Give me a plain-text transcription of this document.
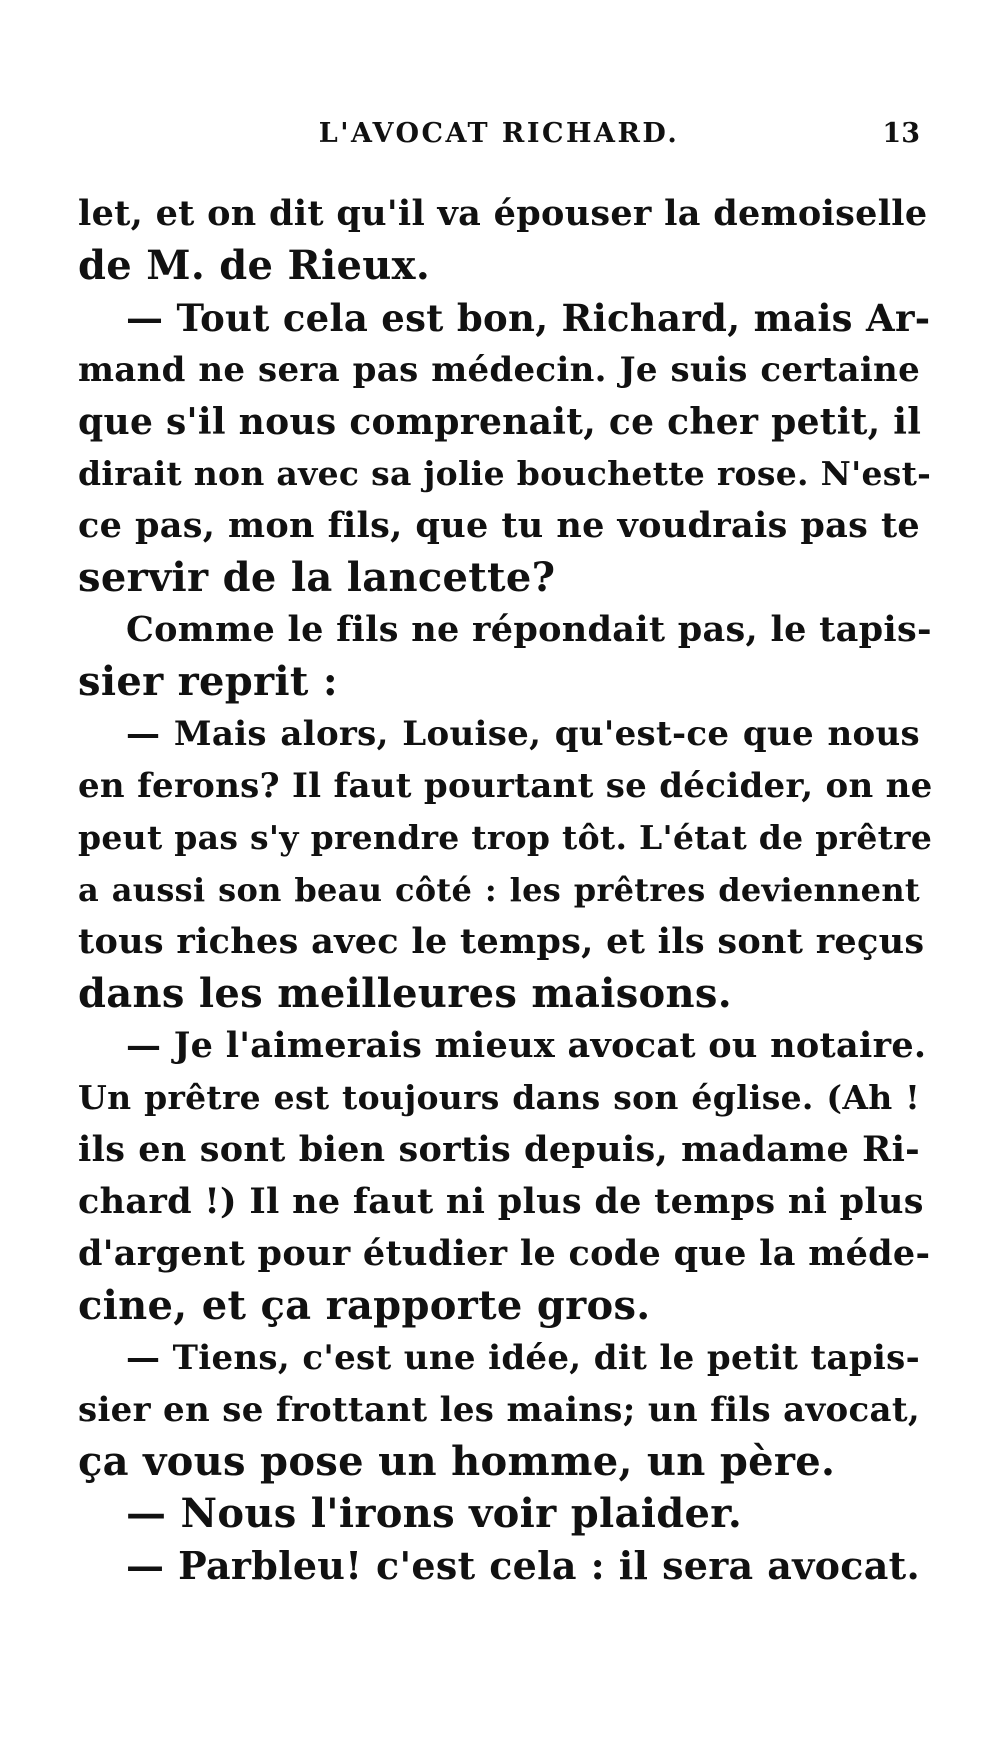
L'AVOCAT RICHARD.	13
let, et on dit qu'il va épouser la demoiselle
de M. de Rieux.
— Tout cela est bon, Richard, mais Ar-
mand ne sera pas médecin. Je suis certaine
que s'il nous comprenait, ce cher petit, il
dirait non avec sa jolie bouchette rose. N'est-
ce pas, mon fils, que tu ne voudrais pas te
servir de la lancette?
Comme le fils ne répondait pas, le tapis-
sier reprit :
— Mais alors, Louise, qu'est-ce que nous
en ferons? Il faut pourtant se décider, on ne
peut pas s'y prendre trop tôt. L'état de prêtre
a aussi son beau côté : les prêtres deviennent
tous riches avec le temps, et ils sont reçus
dans les meilleures maisons.
— Je l'aimerais mieux avocat ou notaire.
Un prêtre est toujours dans son église. (Ah !
ils en sont bien sortis depuis, madame Ri-
chard !) Il ne faut ni plus de temps ni plus
d'argent pour étudier le code que la méde-
cine, et ça rapporte gros.
— Tiens, c'est une idée, dit le petit tapis-
sier en se frottant les mains; un fils avocat,
ça vous pose un homme, un père.
— Nous l'irons voir plaider.
— Parbleu! c'est cela : il sera avocat.
